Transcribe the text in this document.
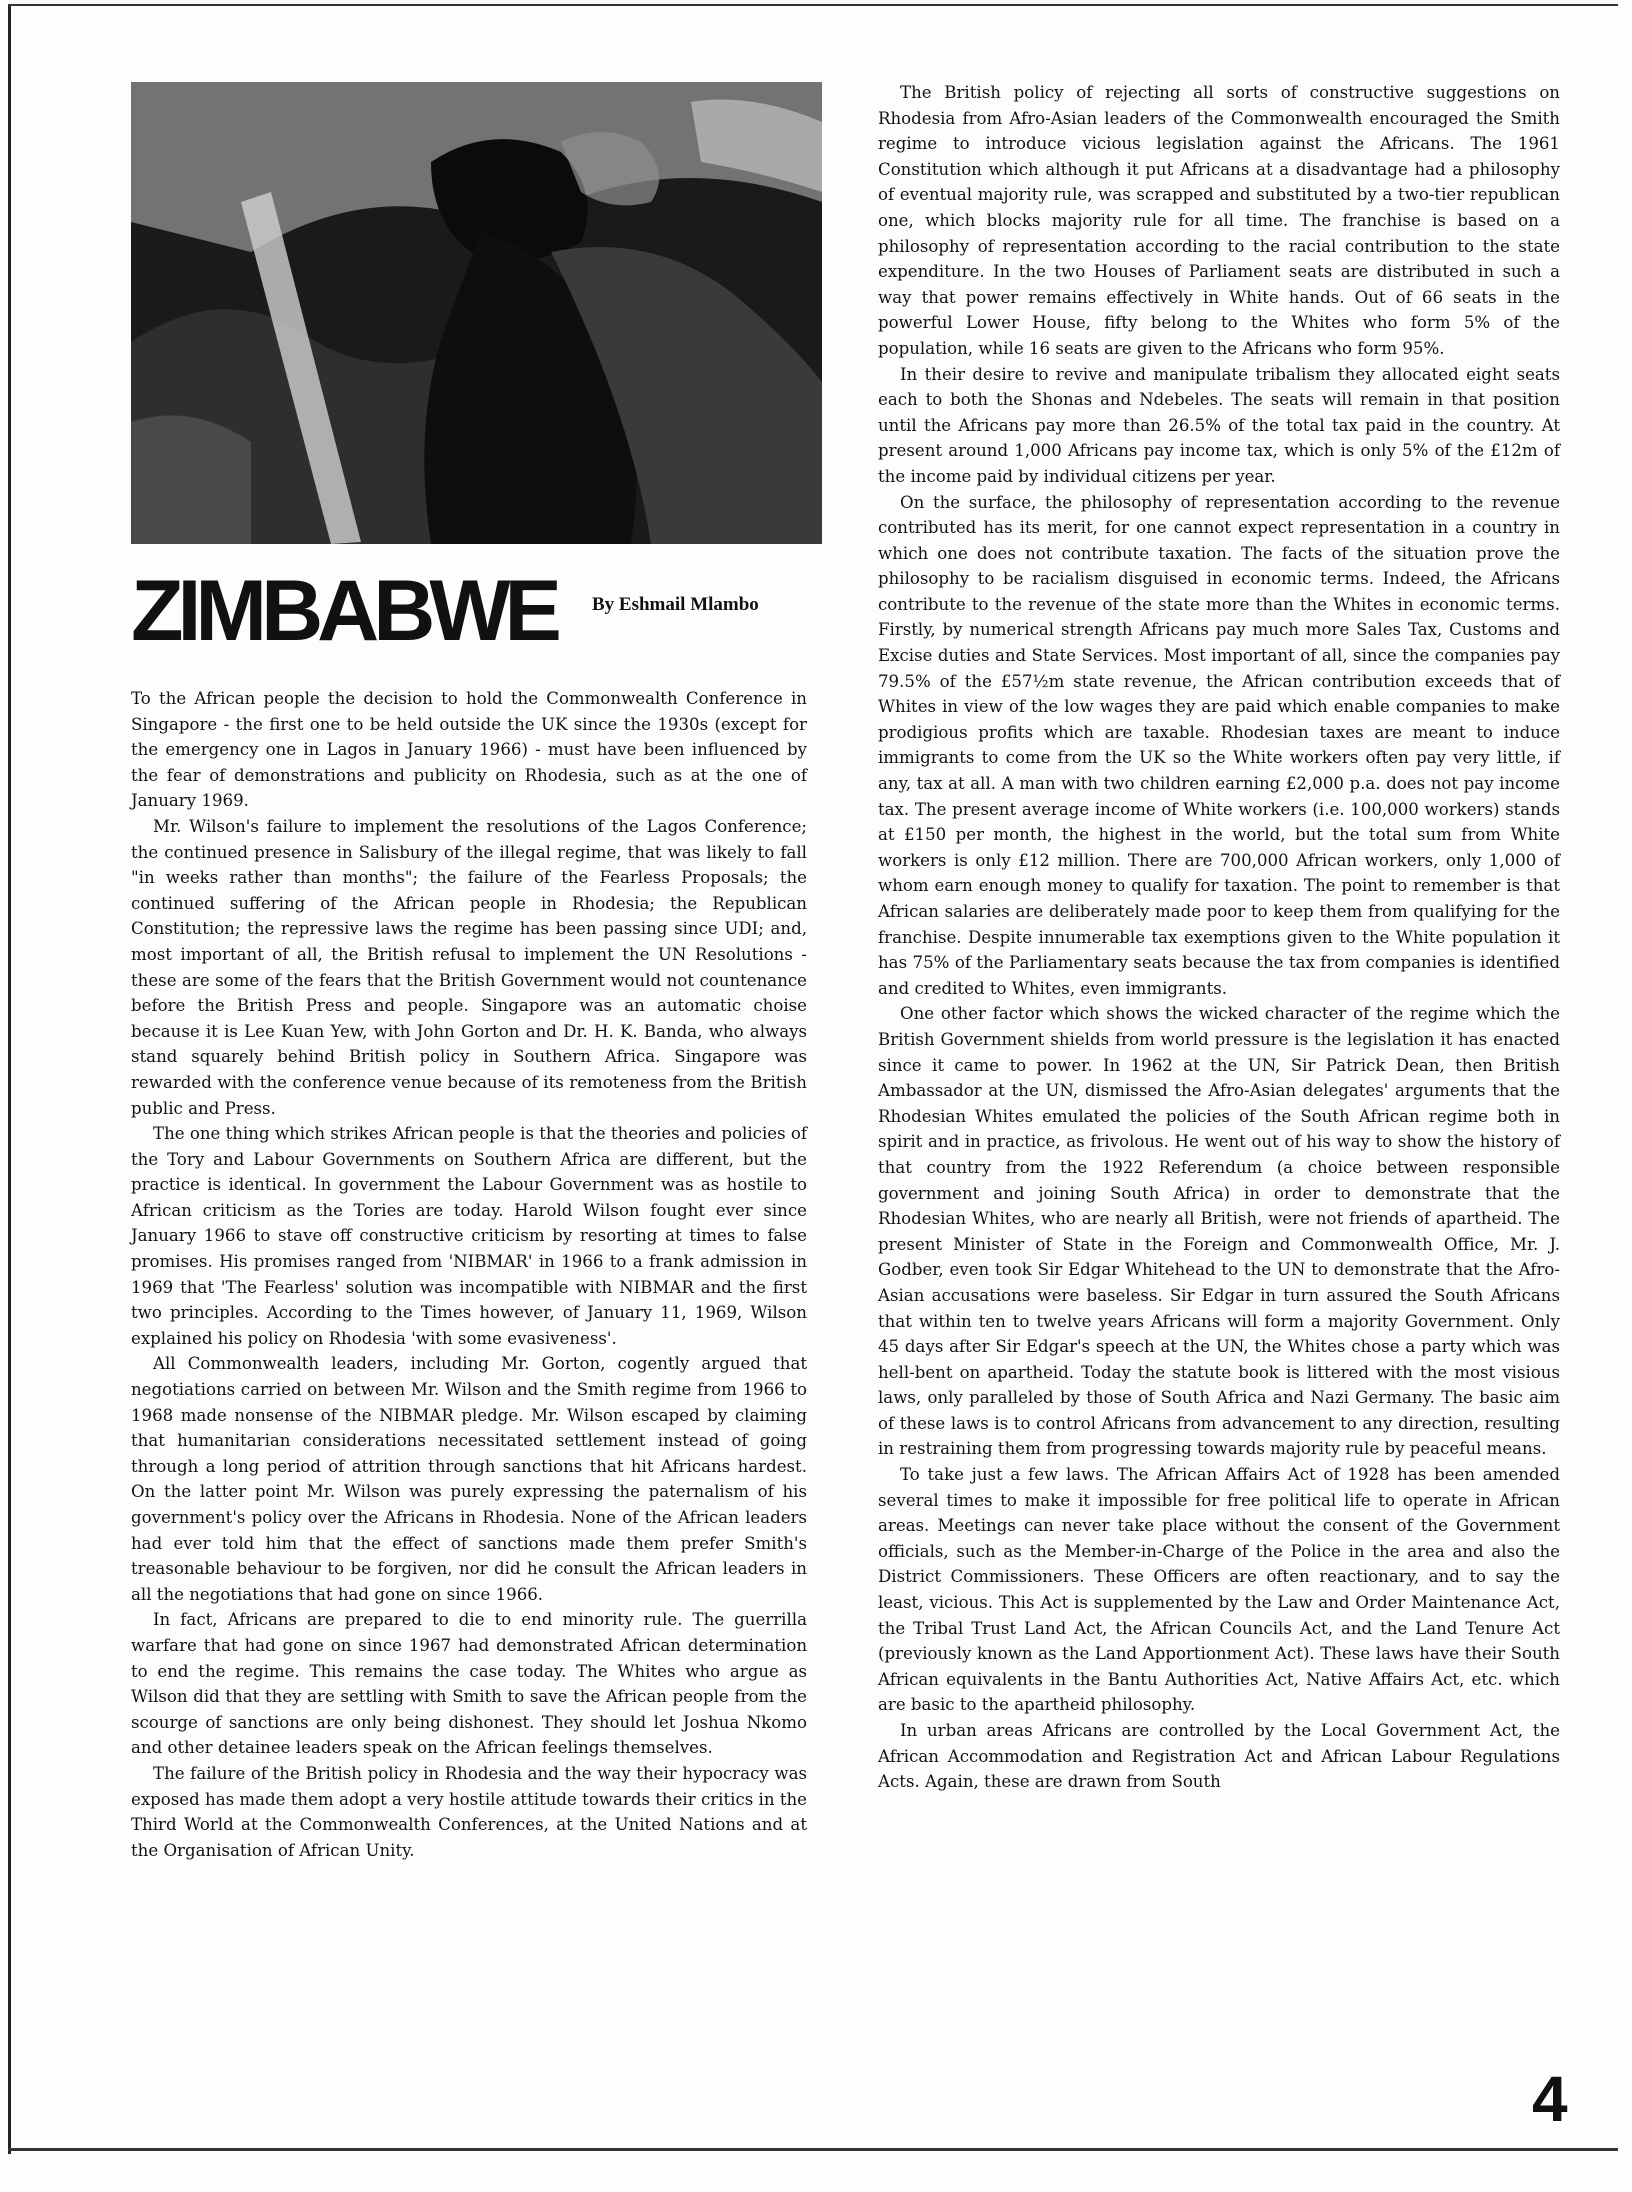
ZIMBABWE By Eshmail Mlambo

To the African people the decision to hold the Commonwealth Conference in Singapore - the first one to be held outside the UK since the 1930s (except for the emergency one in Lagos in January 1966) - must have been influenced by the fear of demonstrations and publicity on Rhodesia, such as at the one of January 1969.

Mr. Wilson's failure to implement the resolutions of the Lagos Conference; the continued presence in Salisbury of the illegal regime, that was likely to fall "in weeks rather than months"; the failure of the Fearless Proposals; the continued suffering of the African people in Rhodesia; the Republican Constitution; the repressive laws the regime has been passing since UDI; and, most important of all, the British refusal to implement the UN Resolutions - these are some of the fears that the British Government would not countenance before the British Press and people. Singapore was an automatic choise because it is Lee Kuan Yew, with John Gorton and Dr. H. K. Banda, who always stand squarely behind British policy in Southern Africa. Singapore was rewarded with the conference venue because of its remoteness from the British public and Press.

The one thing which strikes African people is that the theories and policies of the Tory and Labour Governments on Southern Africa are different, but the practice is identical. In government the Labour Government was as hostile to African criticism as the Tories are today. Harold Wilson fought ever since January 1966 to stave off constructive criticism by resorting at times to false promises. His promises ranged from 'NIBMAR' in 1966 to a frank admission in 1969 that 'The Fearless' solution was incompatible with NIBMAR and the first two principles. According to the Times however, of January 11, 1969, Wilson explained his policy on Rhodesia 'with some evasiveness'.

All Commonwealth leaders, including Mr. Gorton, cogently argued that negotiations carried on between Mr. Wilson and the Smith regime from 1966 to 1968 made nonsense of the NIBMAR pledge. Mr. Wilson escaped by claiming that humanitarian considerations necessitated settlement instead of going through a long period of attrition through sanctions that hit Africans hardest. On the latter point Mr. Wilson was purely expressing the paternalism of his government's policy over the Africans in Rhodesia. None of the African leaders had ever told him that the effect of sanctions made them prefer Smith's treasonable behaviour to be forgiven, nor did he consult the African leaders in all the negotiations that had gone on since 1966.

In fact, Africans are prepared to die to end minority rule. The guerrilla warfare that had gone on since 1967 had demonstrated African determination to end the regime. This remains the case today. The Whites who argue as Wilson did that they are settling with Smith to save the African people from the scourge of sanctions are only being dishonest. They should let Joshua Nkomo and other detainee leaders speak on the African feelings themselves.

The failure of the British policy in Rhodesia and the way their hypocracy was exposed has made them adopt a very hostile attitude towards their critics in the Third World at the Commonwealth Conferences, at the United Nations and at the Organisation of African Unity.

The British policy of rejecting all sorts of constructive suggestions on Rhodesia from Afro-Asian leaders of the Commonwealth encouraged the Smith regime to introduce vicious legislation against the Africans. The 1961 Constitution which although it put Africans at a disadvantage had a philosophy of eventual majority rule, was scrapped and substituted by a two-tier republican one, which blocks majority rule for all time. The franchise is based on a philosophy of representation according to the racial contribution to the state expenditure. In the two Houses of Parliament seats are distributed in such a way that power remains effectively in White hands. Out of 66 seats in the powerful Lower House, fifty belong to the Whites who form 5% of the population, while 16 seats are given to the Africans who form 95%.

In their desire to revive and manipulate tribalism they allocated eight seats each to both the Shonas and Ndebeles. The seats will remain in that position until the Africans pay more than 26.5% of the total tax paid in the country. At present around 1,000 Africans pay income tax, which is only 5% of the £12m of the income paid by individual citizens per year.

On the surface, the philosophy of representation according to the revenue contributed has its merit, for one cannot expect representation in a country in which one does not contribute taxation. The facts of the situation prove the philosophy to be racialism disguised in economic terms. Indeed, the Africans contribute to the revenue of the state more than the Whites in economic terms. Firstly, by numerical strength Africans pay much more Sales Tax, Customs and Excise duties and State Services. Most important of all, since the companies pay 79.5% of the £57½m state revenue, the African contribution exceeds that of Whites in view of the low wages they are paid which enable companies to make prodigious profits which are taxable. Rhodesian taxes are meant to induce immigrants to come from the UK so the White workers often pay very little, if any, tax at all. A man with two children earning £2,000 p.a. does not pay income tax. The present average income of White workers (i.e. 100,000 workers) stands at £150 per month, the highest in the world, but the total sum from White workers is only £12 million. There are 700,000 African workers, only 1,000 of whom earn enough money to qualify for taxation. The point to remember is that African salaries are deliberately made poor to keep them from qualifying for the franchise. Despite innumerable tax exemptions given to the White population it has 75% of the Parliamentary seats because the tax from companies is identified and credited to Whites, even immigrants.

One other factor which shows the wicked character of the regime which the British Government shields from world pressure is the legislation it has enacted since it came to power. In 1962 at the UN, Sir Patrick Dean, then British Ambassador at the UN, dismissed the Afro-Asian delegates' arguments that the Rhodesian Whites emulated the policies of the South African regime both in spirit and in practice, as frivolous. He went out of his way to show the history of that country from the 1922 Referendum (a choice between responsible government and joining South Africa) in order to demonstrate that the Rhodesian Whites, who are nearly all British, were not friends of apartheid. The present Minister of State in the Foreign and Commonwealth Office, Mr. J. Godber, even took Sir Edgar Whitehead to the UN to demonstrate that the Afro-Asian accusations were baseless. Sir Edgar in turn assured the South Africans that within ten to twelve years Africans will form a majority Government. Only 45 days after Sir Edgar's speech at the UN, the Whites chose a party which was hell-bent on apartheid. Today the statute book is littered with the most visious laws, only paralleled by those of South Africa and Nazi Germany. The basic aim of these laws is to control Africans from advancement to any direction, resulting in restraining them from progressing towards majority rule by peaceful means.

To take just a few laws. The African Affairs Act of 1928 has been amended several times to make it impossible for free political life to operate in African areas. Meetings can never take place without the consent of the Government officials, such as the Member-in-Charge of the Police in the area and also the District Commissioners. These Officers are often reactionary, and to say the least, vicious. This Act is supplemented by the Law and Order Maintenance Act, the Tribal Trust Land Act, the African Councils Act, and the Land Tenure Act (previously known as the Land Apportionment Act). These laws have their South African equivalents in the Bantu Authorities Act, Native Affairs Act, etc. which are basic to the apartheid philosophy.

In urban areas Africans are controlled by the Local Government Act, the African Accommodation and Registration Act and African Labour Regulations Acts. Again, these are drawn from South

4
